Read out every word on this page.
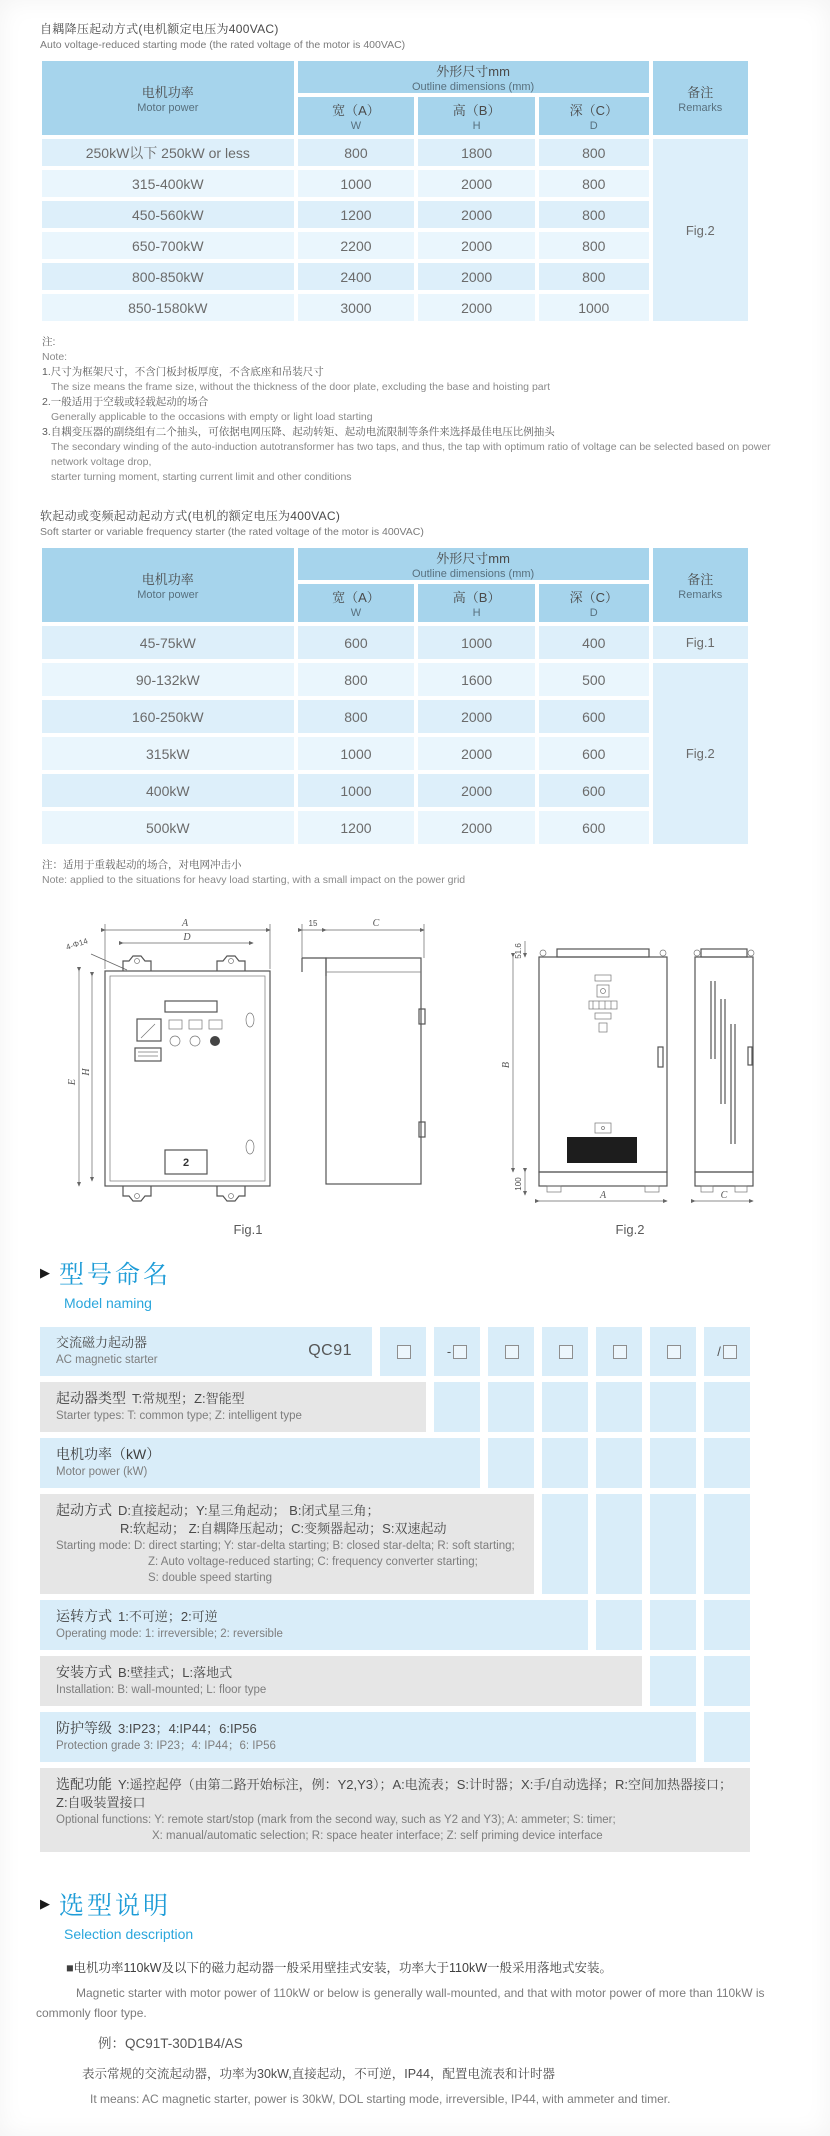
自耦降压起动方式(电机额定电压为400VAC)
Auto voltage-reduced starting mode (the rated voltage of the motor is 400VAC)
电机功率
Motor power	外形尺寸mm
Outline dimensions (mm)			备注
Remarks

	宽（A）
W	高（B）
H	深（C）
D	

250kW以下 250kW or less	800	1800	800	Fig.2
315-400kW	1000	2000	800	
450-560kW	1200	2000	800	
650-700kW	2200	2000	800	
800-850kW	2400	2000	800	
850-1580kW	3000	2000	1000	
注:
Note:
1.尺寸为框架尺寸，不含门板封板厚度，不含底座和吊装尺寸
The size means the frame size, without the thickness of the door plate, excluding the base and hoisting part
2.一般适用于空载或轻载起动的场合
Generally applicable to the occasions with empty or light load starting
3.自耦变压器的副绕组有二个抽头，可依据电网压降、起动转矩、起动电流限制等条件来选择最佳电压比例抽头
The secondary winding of the auto-induction autotransformer has two taps, and thus, the tap with optimum ratio of voltage can be selected based on power network voltage drop,
starter turning moment, starting current limit and other conditions
软起动或变频起动起动方式(电机的额定电压为400VAC)
Soft starter or variable frequency starter (the rated voltage of the motor is 400VAC)
电机功率
Motor power	外形尺寸mm
Outline dimensions (mm)			备注
Remarks

	宽（A）
W	高（B）
H	深（C）
D	

45-75kW	600	1000	400	Fig.1
90-132kW	800	1600	500	Fig.2
160-250kW	800	2000	600	
315kW	1000	2000	600	
400kW	1000	2000	600	
500kW	1200	2000	600	
注：适用于重载起动的场合，对电网冲击小
Note: applied to the situations for heavy load starting, with a small impact on the power grid
A
D
4-Φ14
E
H
2
15	C
Fig.1
51.6
B
100
A	C
Fig.2
▶ 型号命名
Model naming
交流磁力起动器
AC magnetic starter
QC91	-	/
起动器类型 T:常规型；Z:智能型
Starter types: T: common type; Z: intelligent type
电机功率（kW）
Motor power (kW)
起动方式 D:直接起动；Y:星三角起动； B:闭式星三角；
R:软起动； Z:自耦降压起动；C:变频器起动；S:双速起动
Starting mode: D: direct starting; Y: star-delta starting; B: closed star-delta; R: soft starting;
Z: Auto voltage-reduced starting; C: frequency converter starting;
S: double speed starting
运转方式 1:不可逆；2:可逆
Operating mode: 1: irreversible; 2: reversible
安装方式 B:壁挂式；L:落地式
Installation: B: wall-mounted; L: floor type
防护等级 3:IP23；4:IP44；6:IP56
Protection grade 3: IP23；4: IP44；6: IP56
选配功能 Y:遥控起停（由第二路开始标注，例：Y2,Y3）；A:电流表；S:计时器；X:手/自动选择；R:空间加热器接口；Z:自吸装置接口
Optional functions: Y: remote start/stop (mark from the second way, such as Y2 and Y3); A: ammeter; S: timer;
X: manual/automatic selection; R: space heater interface; Z: self priming device interface
▶ 选型说明
Selection description
■电机功率110kW及以下的磁力起动器一般采用壁挂式安装，功率大于110kW一般采用落地式安装。
Magnetic starter with motor power of 110kW or below is generally wall-mounted, and that with motor power of more than 110kW is
commonly floor type.
例：QC91T-30D1B4/AS
表示常规的交流起动器，功率为30kW,直接起动，不可逆，IP44，配置电流表和计时器
It means: AC magnetic starter, power is 30kW, DOL starting mode, irreversible, IP44, with ammeter and timer.
